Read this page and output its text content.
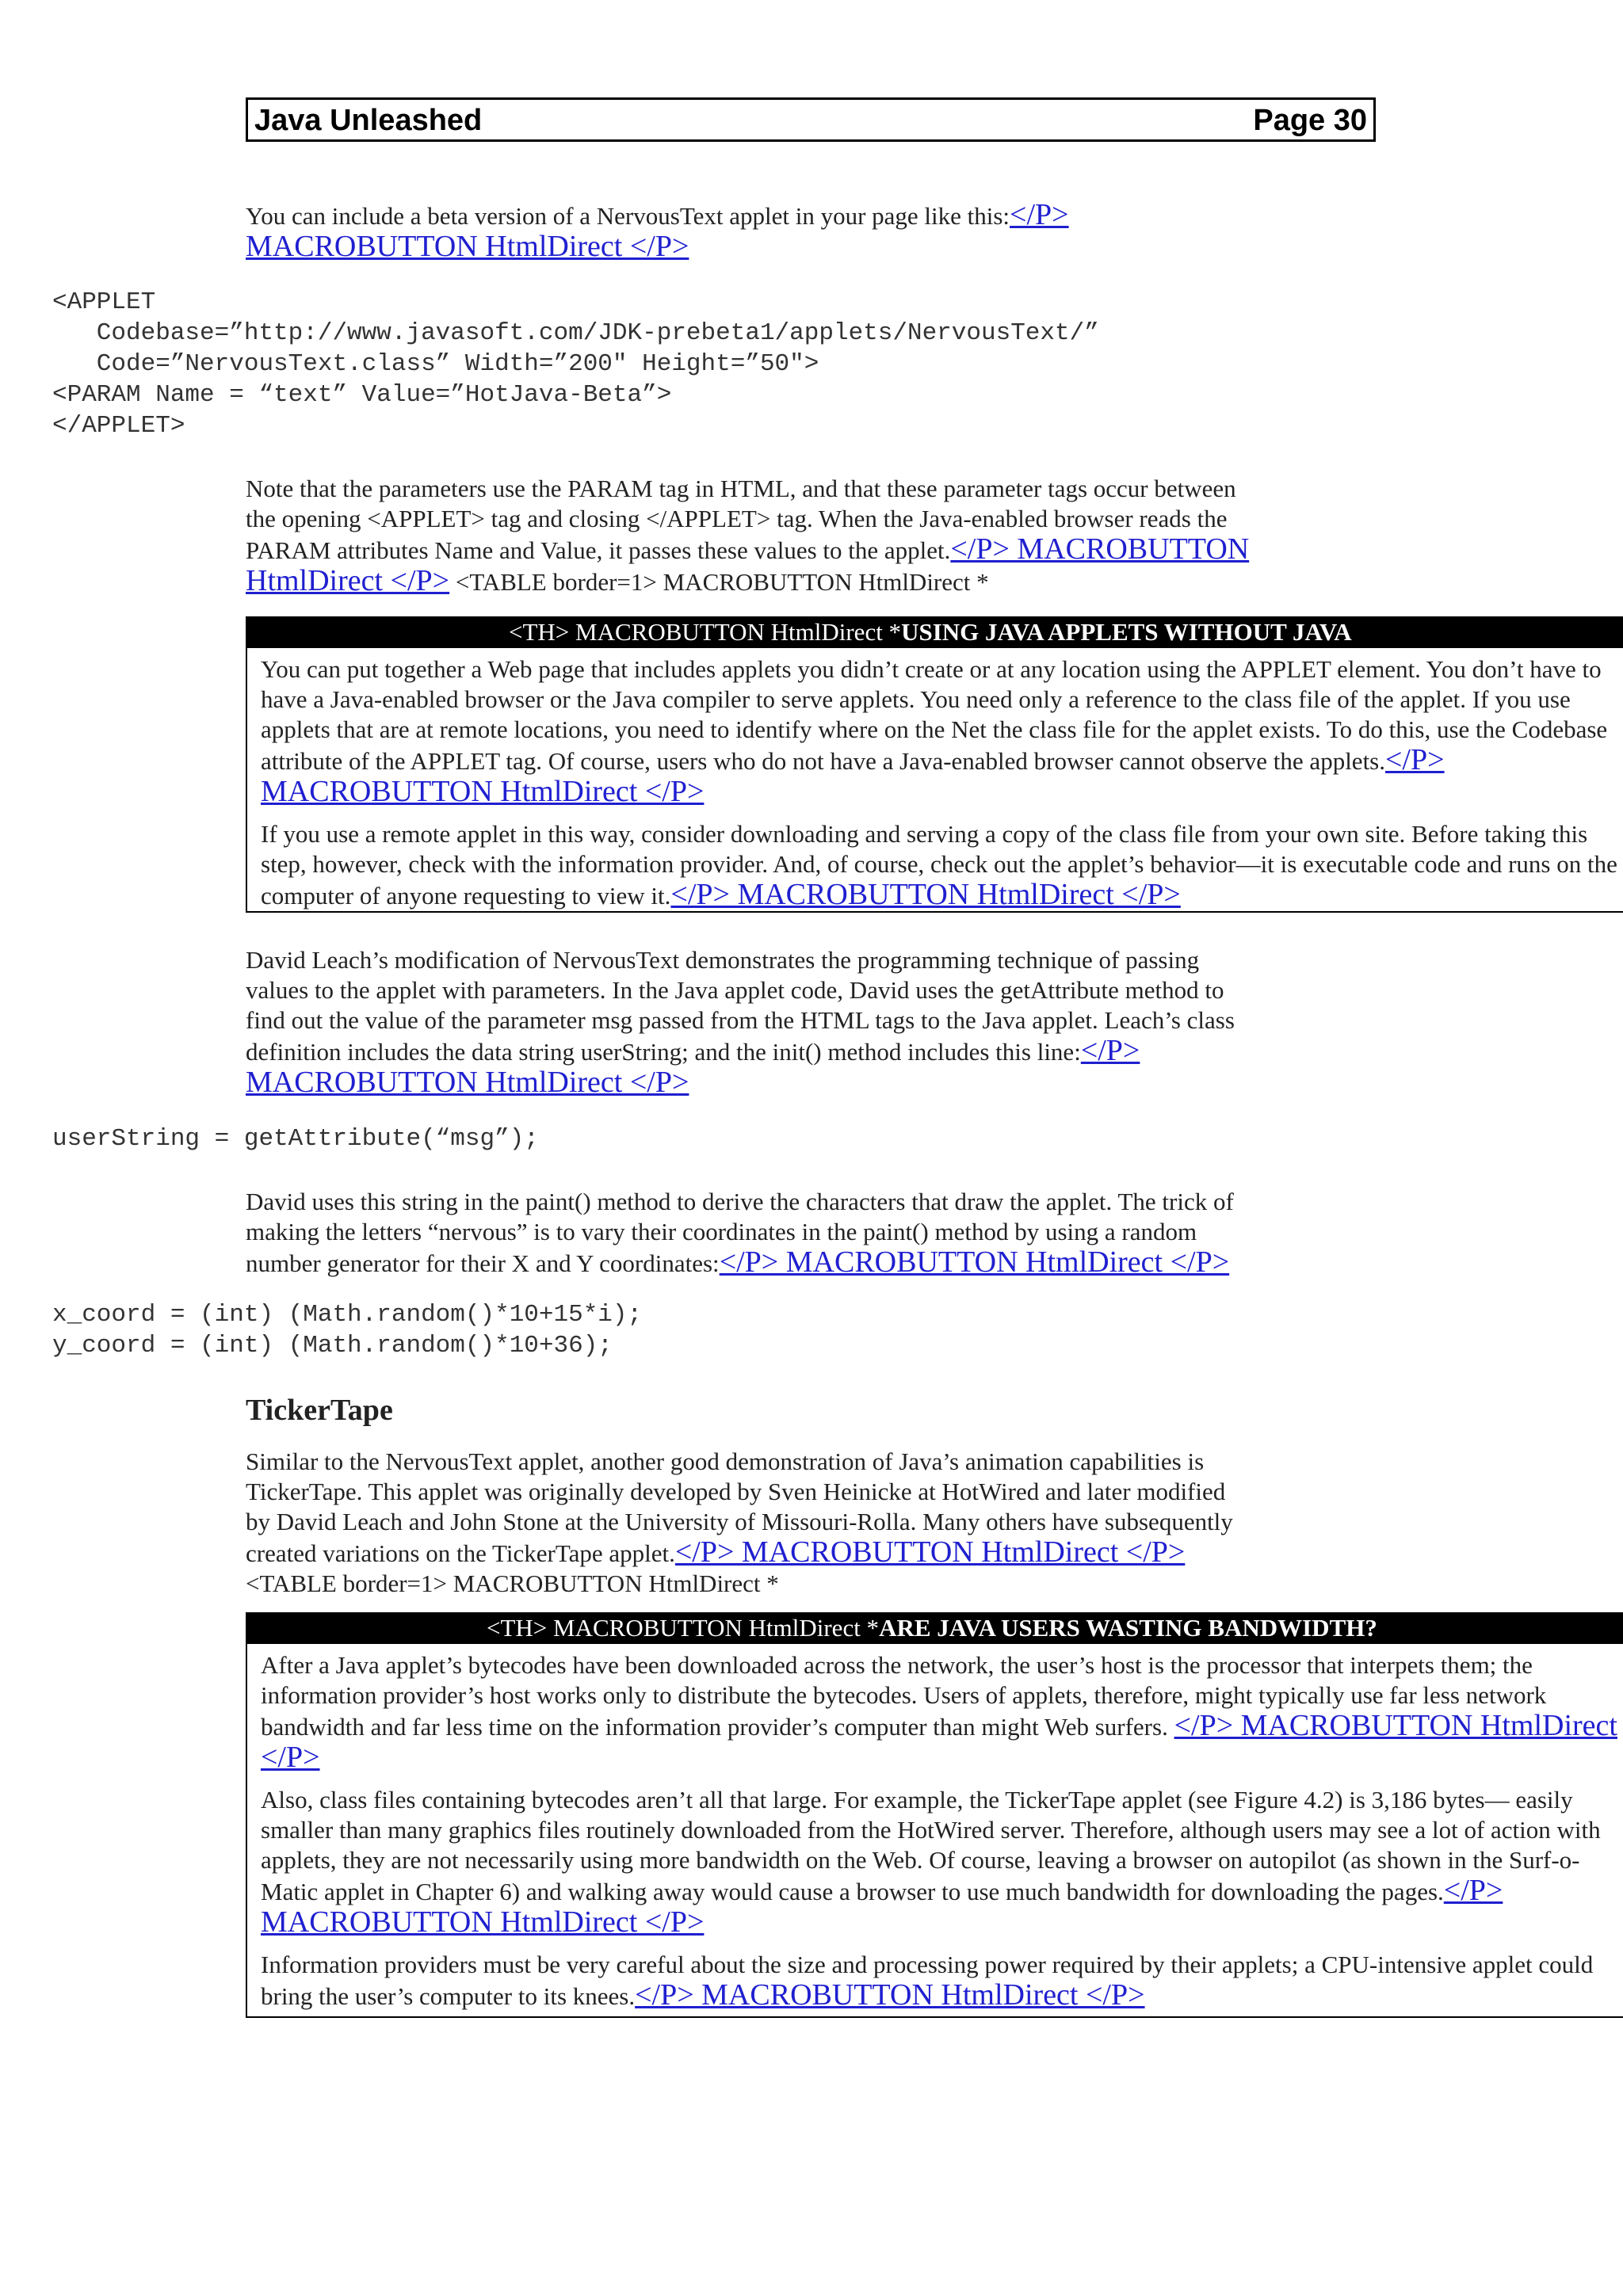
Java Unleashed	Page 30
You can include a beta version of a NervousText applet in your page like this:</P>
MACROBUTTON HtmlDirect </P>
<APPLET
Codebase=”http://www.javasoft.com/JDK-prebeta1/applets/NervousText/”
Code=”NervousText.class” Width=”200" Height=”50">
<PARAM Name = “text” Value=”HotJava-Beta”>
</APPLET>
Note that the parameters use the PARAM tag in HTML, and that these parameter tags occur between
the opening <APPLET> tag and closing </APPLET> tag. When the Java-enabled browser reads the
PARAM attributes Name and Value, it passes these values to the applet.</P> MACROBUTTON
HtmlDirect </P> <TABLE border=1> MACROBUTTON HtmlDirect *
<TH> MACROBUTTON HtmlDirect *USING JAVA APPLETS WITHOUT JAVA

You can put together a Web page that includes applets you didn’t create or at any location using the APPLET element. You don’t have to have a Java-enabled browser or the Java compiler to serve applets. You need only a reference to the class file of the applet. If you use applets that are at remote locations, you need to identify where on the Net the class file for the applet exists. To do this, use the Codebase attribute of the APPLET tag. Of course, users who do not have a Java-enabled browser cannot observe the applets.</P> MACROBUTTON HtmlDirect </P>

If you use a remote applet in this way, consider downloading and serving a copy of the class file from your own site. Before taking this step, however, check with the information provider. And, of course, check out the applet’s behavior—it is executable code and runs on the computer of anyone requesting to view it.</P> MACROBUTTON HtmlDirect </P>

David Leach’s modification of NervousText demonstrates the programming technique of passing
values to the applet with parameters. In the Java applet code, David uses the getAttribute method to
find out the value of the parameter msg passed from the HTML tags to the Java applet. Leach’s class
definition includes the data string userString; and the init() method includes this line:</P>
MACROBUTTON HtmlDirect </P>
userString = getAttribute(“msg”);
David uses this string in the paint() method to derive the characters that draw the applet. The trick of
making the letters “nervous” is to vary their coordinates in the paint() method by using a random
number generator for their X and Y coordinates:</P> MACROBUTTON HtmlDirect </P>
x_coord = (int) (Math.random()*10+15*i);
y_coord = (int) (Math.random()*10+36);
TickerTape
Similar to the NervousText applet, another good demonstration of Java’s animation capabilities is
TickerTape. This applet was originally developed by Sven Heinicke at HotWired and later modified
by David Leach and John Stone at the University of Missouri-Rolla. Many others have subsequently
created variations on the TickerTape applet.</P> MACROBUTTON HtmlDirect </P>
<TABLE border=1> MACROBUTTON HtmlDirect *
<TH> MACROBUTTON HtmlDirect *ARE JAVA USERS WASTING BANDWIDTH?

After a Java applet’s bytecodes have been downloaded across the network, the user’s host is the processor that interpets them; the information provider’s host works only to distribute the bytecodes. Users of applets, therefore, might typically use far less network bandwidth and far less time on the information provider’s computer than might Web surfers. </P> MACROBUTTON HtmlDirect </P>

Also, class files containing bytecodes aren’t all that large. For example, the TickerTape applet (see Figure 4.2) is 3,186 bytes— easily smaller than many graphics files routinely downloaded from the HotWired server. Therefore, although users may see a lot of action with applets, they are not necessarily using more bandwidth on the Web. Of course, leaving a browser on autopilot (as shown in the Surf-o-Matic applet in Chapter 6) and walking away would cause a browser to use much bandwidth for downloading the pages.</P> MACROBUTTON HtmlDirect </P>

Information providers must be very careful about the size and processing power required by their applets; a CPU-intensive applet could bring the user’s computer to its knees.</P> MACROBUTTON HtmlDirect </P>
